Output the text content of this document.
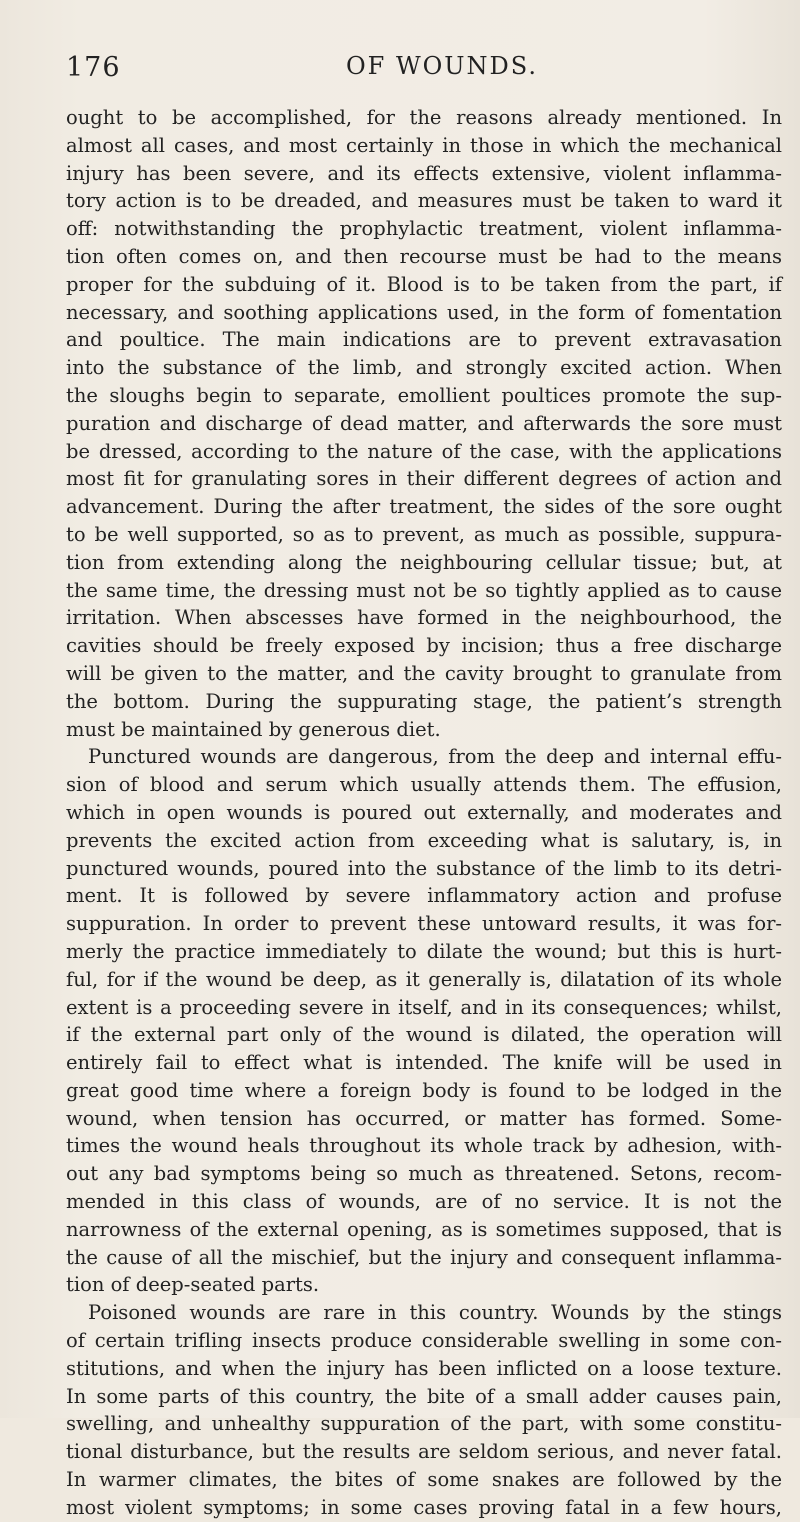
176	OF WOUNDS.
ought to be accomplished, for the reasons already mentioned. In
almost all cases, and most certainly in those in which the mechanical
injury has been severe, and its effects extensive, violent inflamma-
tory action is to be dreaded, and measures must be taken to ward it
off: notwithstanding the prophylactic treatment, violent inflamma-
tion often comes on, and then recourse must be had to the means
proper for the subduing of it. Blood is to be taken from the part, if
necessary, and soothing applications used, in the form of fomentation
and poultice. The main indications are to prevent extravasation
into the substance of the limb, and strongly excited action. When
the sloughs begin to separate, emollient poultices promote the sup-
puration and discharge of dead matter, and afterwards the sore must
be dressed, according to the nature of the case, with the applications
most fit for granulating sores in their different degrees of action and
advancement. During the after treatment, the sides of the sore ought
to be well supported, so as to prevent, as much as possible, suppura-
tion from extending along the neighbouring cellular tissue; but, at
the same time, the dressing must not be so tightly applied as to cause
irritation. When abscesses have formed in the neighbourhood, the
cavities should be freely exposed by incision; thus a free discharge
will be given to the matter, and the cavity brought to granulate from
the bottom. During the suppurating stage, the patient’s strength
must be maintained by generous diet.
Punctured wounds are dangerous, from the deep and internal effu-
sion of blood and serum which usually attends them. The effusion,
which in open wounds is poured out externally, and moderates and
prevents the excited action from exceeding what is salutary, is, in
punctured wounds, poured into the substance of the limb to its detri-
ment. It is followed by severe inflammatory action and profuse
suppuration. In order to prevent these untoward results, it was for-
merly the practice immediately to dilate the wound; but this is hurt-
ful, for if the wound be deep, as it generally is, dilatation of its whole
extent is a proceeding severe in itself, and in its consequences; whilst,
if the external part only of the wound is dilated, the operation will
entirely fail to effect what is intended. The knife will be used in
great good time where a foreign body is found to be lodged in the
wound, when tension has occurred, or matter has formed. Some-
times the wound heals throughout its whole track by adhesion, with-
out any bad symptoms being so much as threatened. Setons, recom-
mended in this class of wounds, are of no service. It is not the
narrowness of the external opening, as is sometimes supposed, that is
the cause of all the mischief, but the injury and consequent inflamma-
tion of deep-seated parts.
Poisoned wounds are rare in this country. Wounds by the stings
of certain trifling insects produce considerable swelling in some con-
stitutions, and when the injury has been inflicted on a loose texture.
In some parts of this country, the bite of a small adder causes pain,
swelling, and unhealthy suppuration of the part, with some constitu-
tional disturbance, but the results are seldom serious, and never fatal.
In warmer climates, the bites of some snakes are followed by the
most violent symptoms; in some cases proving fatal in a few hours,
